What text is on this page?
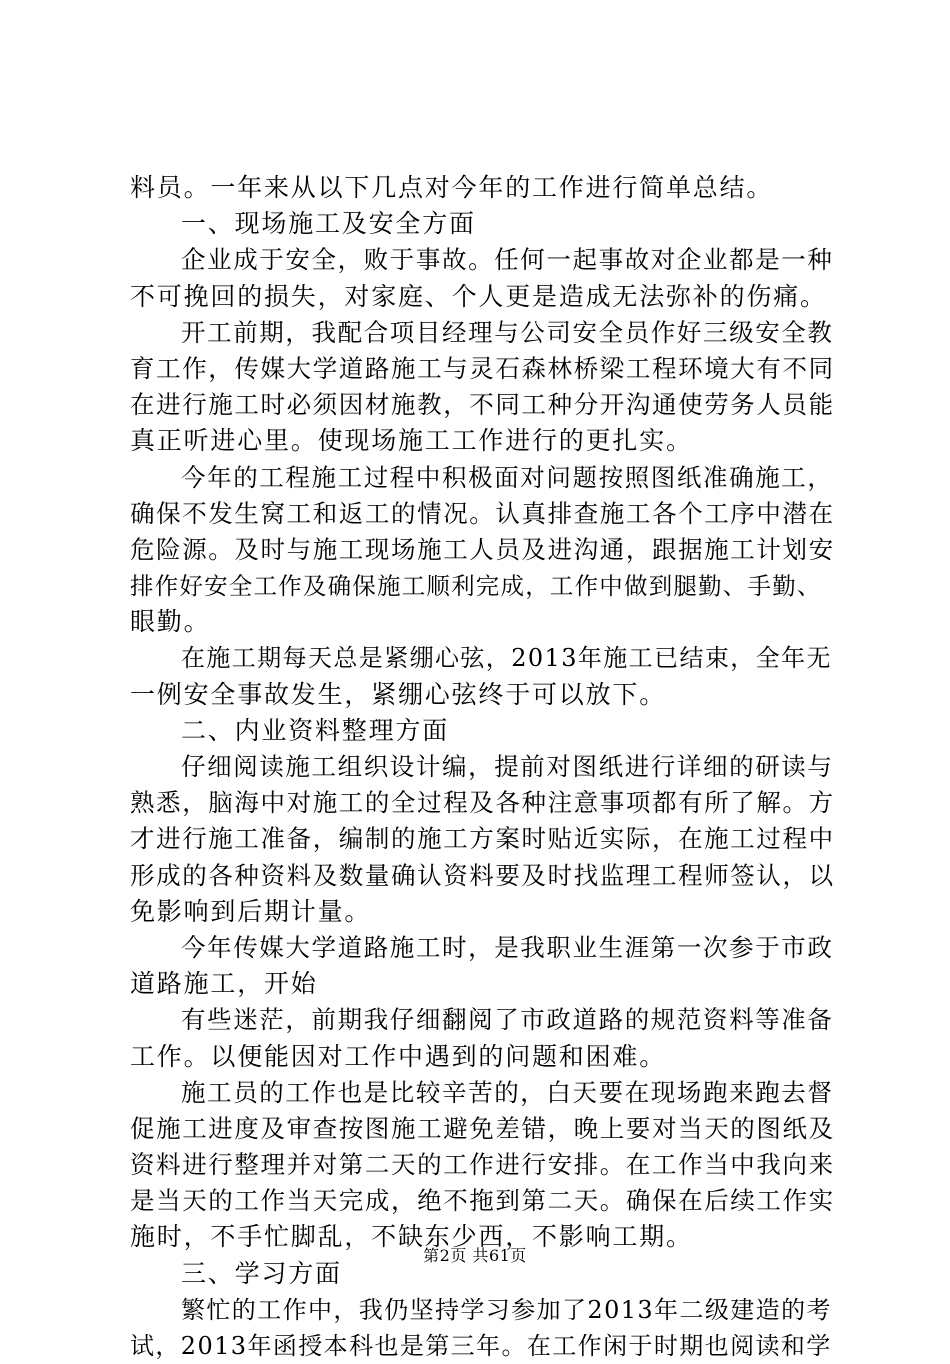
料员。一年来从以下几点对今年的工作进行简单总结。
一、现场施工及安全方面
企业成于安全，败于事故。任何一起事故对企业都是一种
不可挽回的损失，对家庭、个人更是造成无法弥补的伤痛。
开工前期，我配合项目经理与公司安全员作好三级安全教
育工作，传媒大学道路施工与灵石森林桥梁工程环境大有不同
在进行施工时必须因材施教，不同工种分开沟通使劳务人员能
真正听进心里。使现场施工工作进行的更扎实。
今年的工程施工过程中积极面对问题按照图纸准确施工，
确保不发生窝工和返工的情况。认真排查施工各个工序中潜在
危险源。及时与施工现场施工人员及进沟通，跟据施工计划安
排作好安全工作及确保施工顺利完成，工作中做到腿勤、手勤、
眼勤。
在施工期每天总是紧绷心弦，2013年施工已结束，全年无
一例安全事故发生，紧绷心弦终于可以放下。
二、内业资料整理方面
仔细阅读施工组织设计编，提前对图纸进行详细的研读与
熟悉，脑海中对施工的全过程及各种注意事项都有所了解。方
才进行施工准备，编制的施工方案时贴近实际，在施工过程中
形成的各种资料及数量确认资料要及时找监理工程师签认，以
免影响到后期计量。
今年传媒大学道路施工时，是我职业生涯第一次参于市政
道路施工，开始
有些迷茫，前期我仔细翻阅了市政道路的规范资料等准备
工作。以便能因对工作中遇到的问题和困难。
施工员的工作也是比较辛苦的，白天要在现场跑来跑去督
促施工进度及审查按图施工避免差错，晚上要对当天的图纸及
资料进行整理并对第二天的工作进行安排。在工作当中我向来
是当天的工作当天完成，绝不拖到第二天。确保在后续工作实
施时，不手忙脚乱，不缺东少西，不影响工期。
三、学习方面
繁忙的工作中，我仍坚持学习参加了2013年二级建造的考
试，2013年函授本科也是第三年。在工作闲于时期也阅读和学
第2页 共61页
